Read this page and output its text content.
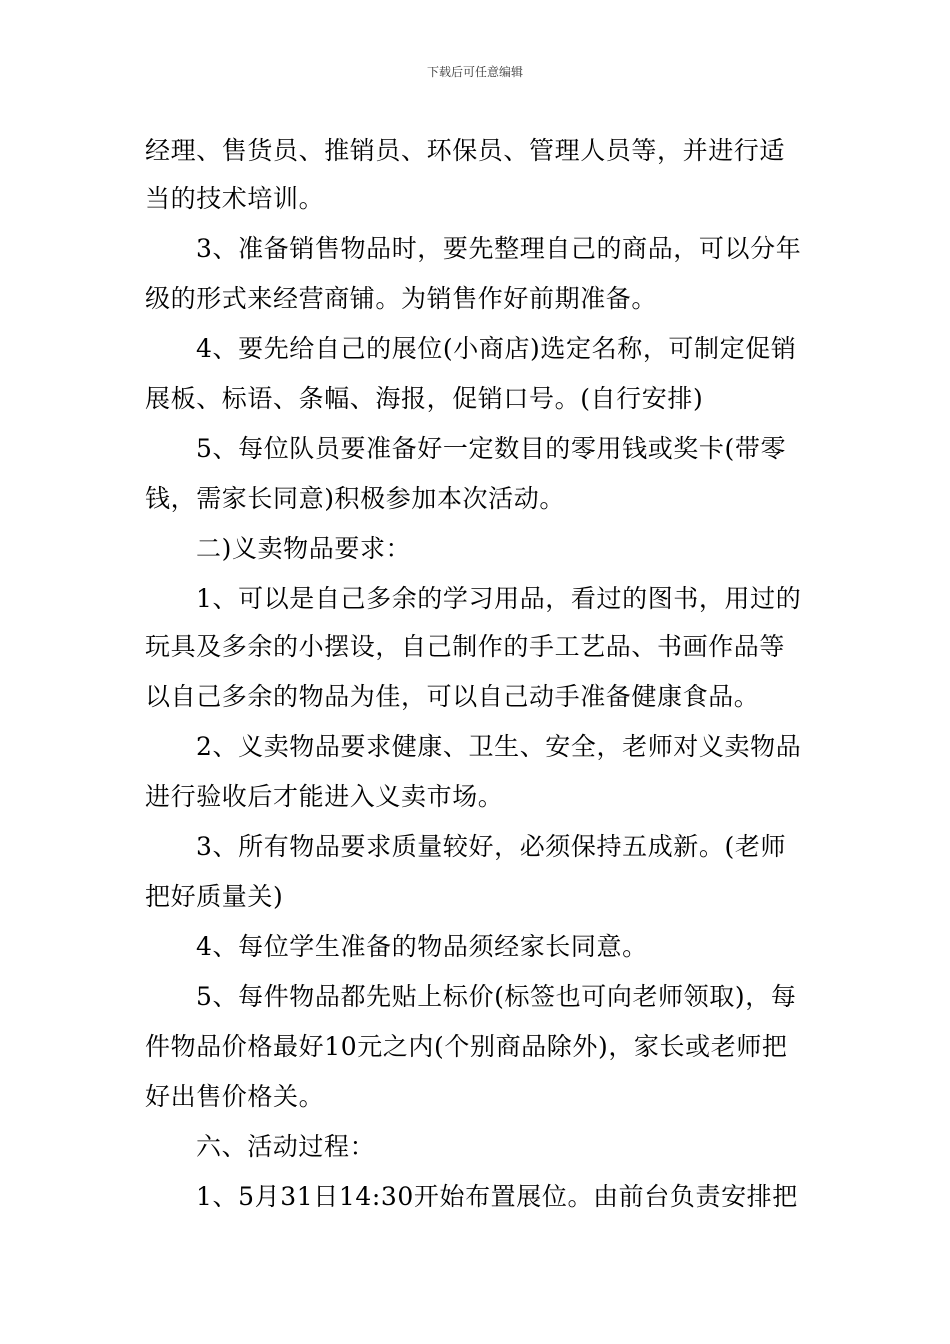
下载后可任意编辑
经理、售货员、推销员、环保员、管理人员等，并进行适
当的技术培训。
3、准备销售物品时，要先整理自己的商品，可以分年
级的形式来经营商铺。为销售作好前期准备。
4、要先给自己的展位(小商店)选定名称，可制定促销
展板、标语、条幅、海报，促销口号。(自行安排)
5、每位队员要准备好一定数目的零用钱或奖卡(带零
钱，需家长同意)积极参加本次活动。
二)义卖物品要求：
1、可以是自己多余的学习用品，看过的图书，用过的
玩具及多余的小摆设，自己制作的手工艺品、书画作品等
以自己多余的物品为佳，可以自己动手准备健康食品。
2、义卖物品要求健康、卫生、安全，老师对义卖物品
进行验收后才能进入义卖市场。
3、所有物品要求质量较好，必须保持五成新。(老师
把好质量关)
4、每位学生准备的物品须经家长同意。
5、每件物品都先贴上标价(标签也可向老师领取)，每
件物品价格最好10元之内(个别商品除外)，家长或老师把
好出售价格关。
六、活动过程：
1、5月31日14:30开始布置展位。由前台负责安排把
